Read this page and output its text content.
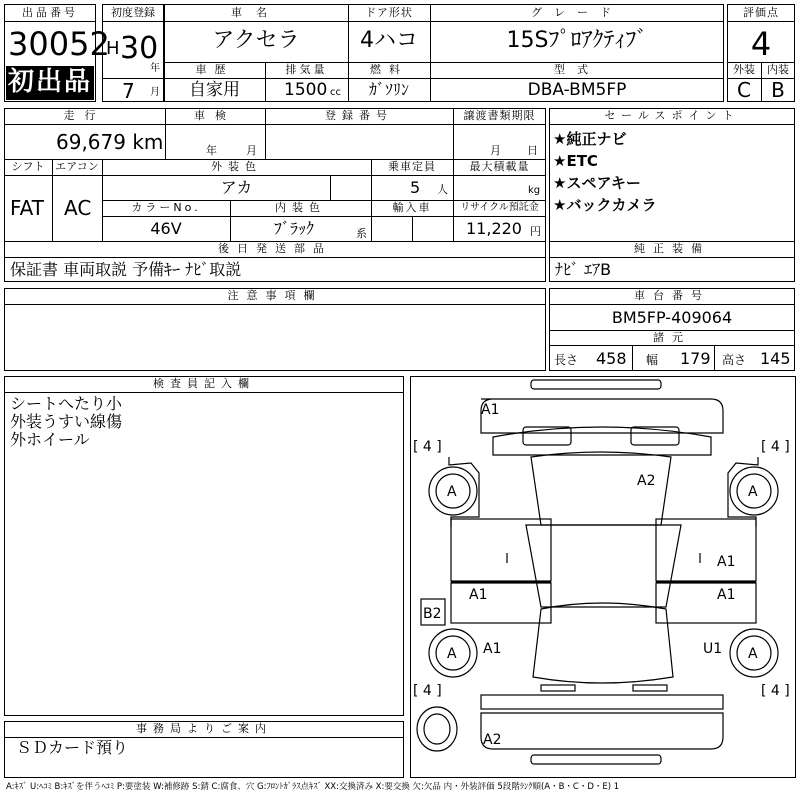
出品番号
30052
初出品
初度登録
H 30
年
7 月
車名
アクセラ
ドア形状
4ハコ
グレード
15Sﾌﾟﾛｱｸﾃｨﾌﾞ
車歴
自家用
排気量
1500 cc
燃料
ｶﾞｿﾘﾝ
型式
DBA-BM5FP
評価点
4
外装	内装
C	B
走行
69,679 km
車検
年	月
登録番号	譲渡書類期限
月 日
シフト
FAT
エアコン
AC
外装色
アカ
乗車定員
5 人
最大積載量
kg
カラーNo.
46V
内装色
ﾌﾞﾗｯｸ	系
輸入車	リサイクル預託金
11,220 円
後日発送部品
保証書 車両取説 予備ｷｰ ﾅﾋﾞ取説
セールスポイント
★純正ナビ
★ETC
★スペアキー
★バックカメラ
純正装備
ﾅﾋﾞ ｴｱB
注意事項欄	車台番号
BM5FP-409064
諸元
長さ 458 幅 179 高さ 145
検査員記入欄
シートへたり小
外装うすい線傷
外ホイール
事務局よりご案内
ＳＤカード預り
[ 4 ]	[ 4 ]
[ 4 ]	[ 4 ]
A1
A2
A	A
A	A
A1
A1	A1
A1	U1
B2
A2
A:ｷｽﾞ U:ﾍｺﾐ B:ｷｽﾞを伴うﾍｺﾐ P:要塗装 W:補修跡 S:錆 C:腐食、穴 G:ﾌﾛﾝﾄｶﾞﾗｽ点ｷｽﾞ XX:交換済み X:要交換 欠:欠品 内・外装評価 5段階ﾗﾝｸ順(A・B・C・D・E) 1
